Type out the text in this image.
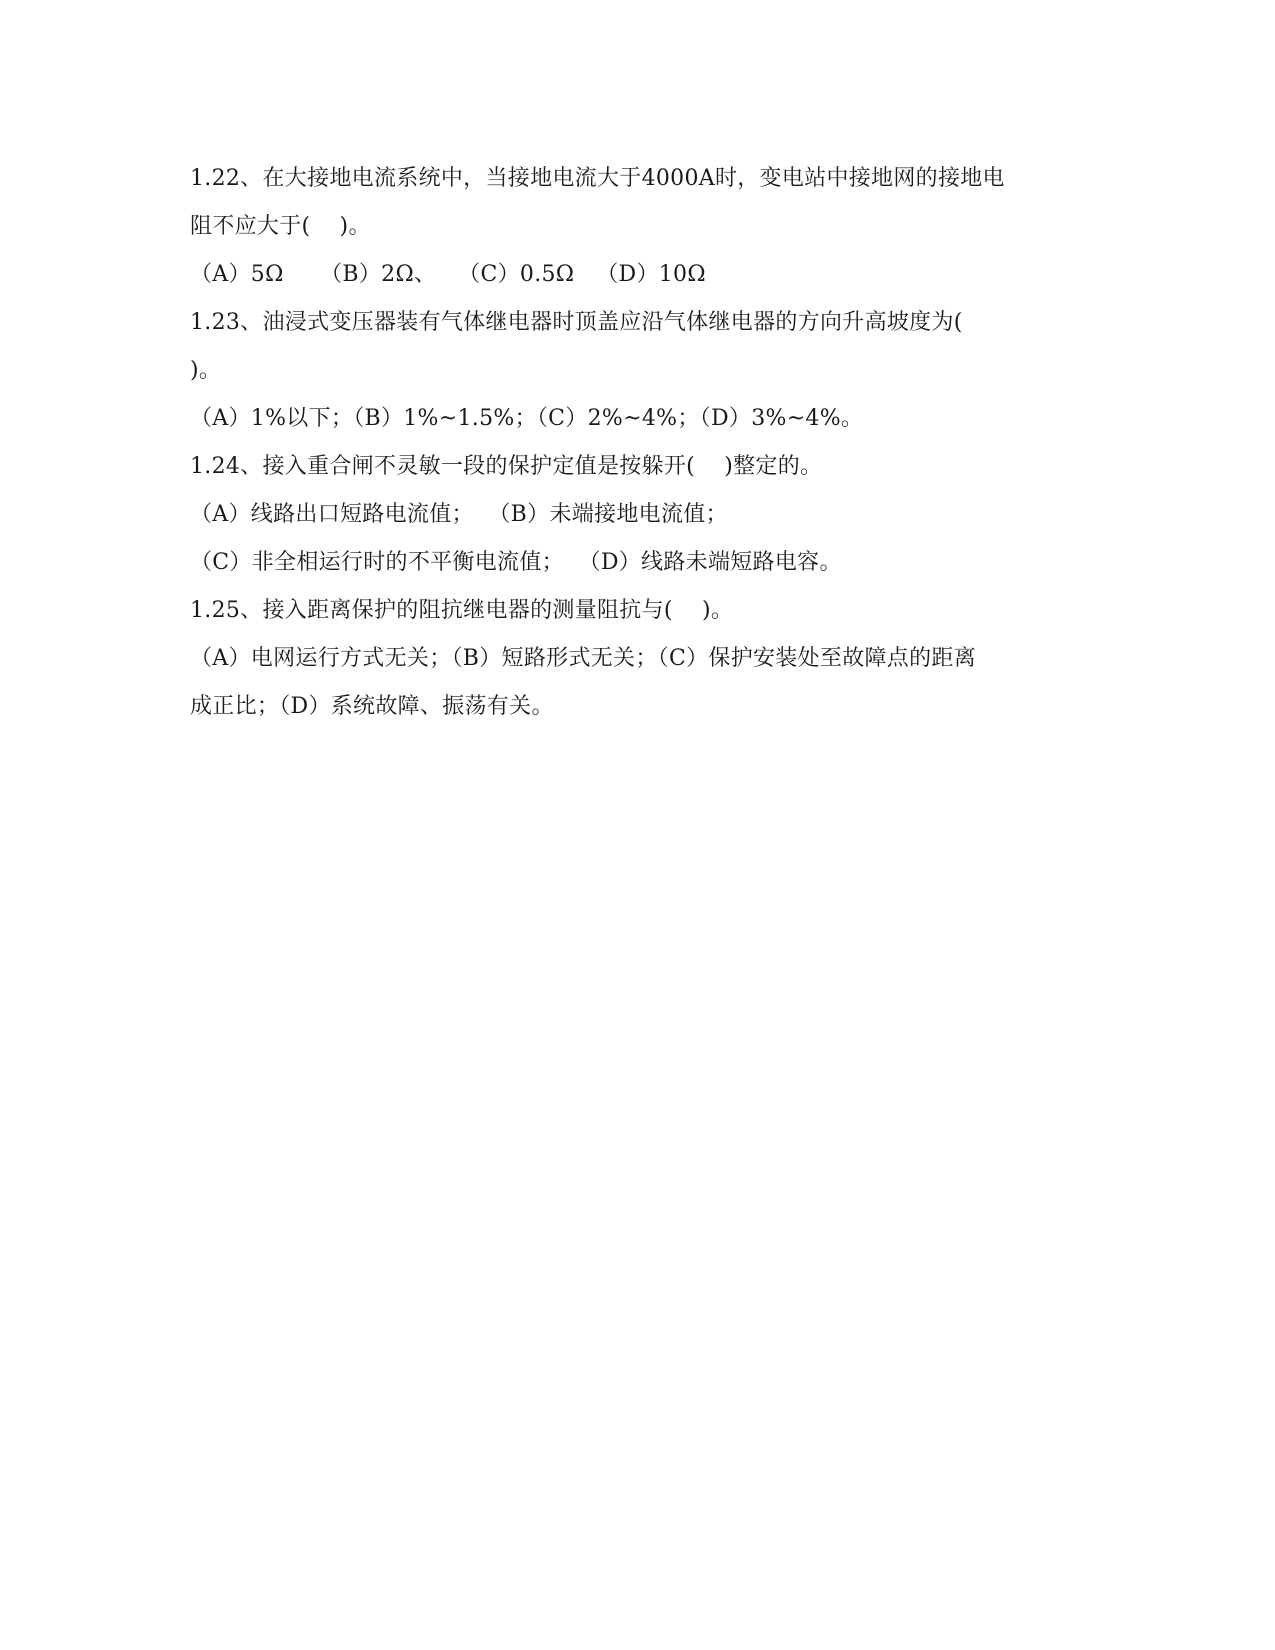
1.22、在大接地电流系统中，当接地电流大于4000A时，变电站中接地网的接地电
阻不应大于(    )。
（A）5Ω     （B）2Ω、   （C）0.5Ω   （D）10Ω
1.23、油浸式变压器装有气体继电器时顶盖应沿气体继电器的方向升高坡度为(
)。
（A）1%以下；（B）1%~1.5%；（C）2%~4%；（D）3%~4%。
1.24、接入重合闸不灵敏一段的保护定值是按躲开(    )整定的。
（A）线路出口短路电流值；  （B）未端接地电流值；
（C）非全相运行时的不平衡电流值；  （D）线路未端短路电容。
1.25、接入距离保护的阻抗继电器的测量阻抗与(    )。
（A）电网运行方式无关；（B）短路形式无关；（C）保护安装处至故障点的距离
成正比；（D）系统故障、振荡有关。
